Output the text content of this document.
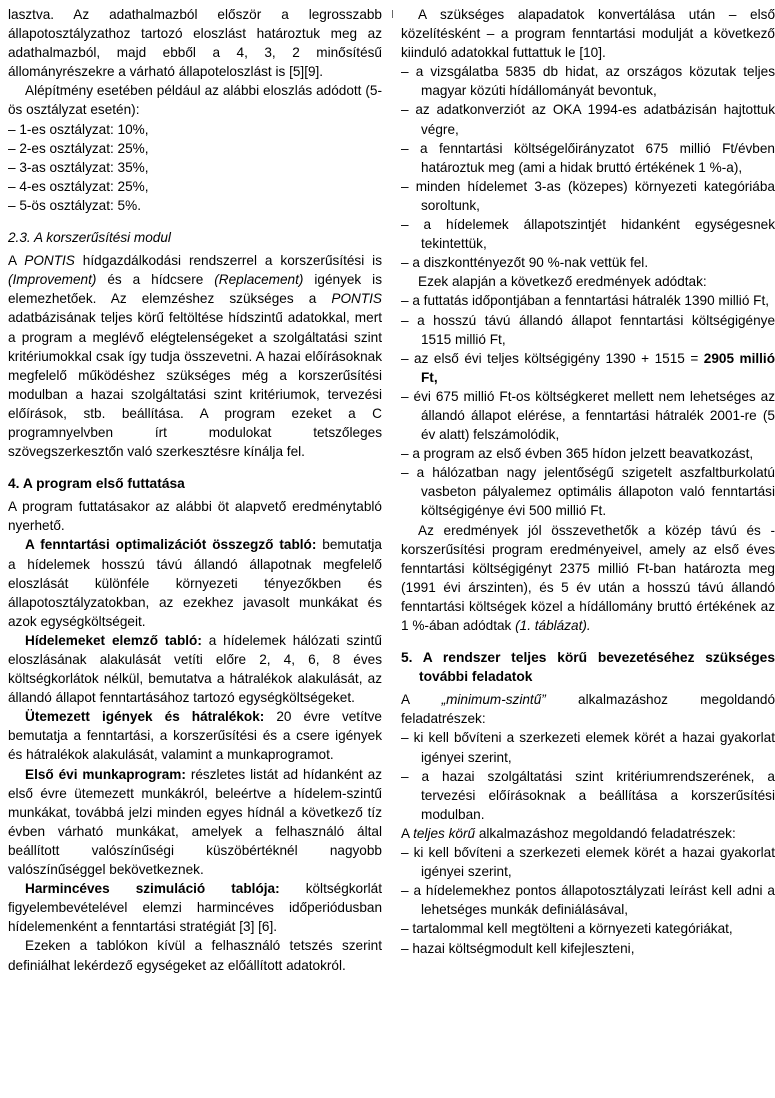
lasztva. Az adathalmazból először a legrosszabb állapotosztályzathoz tartozó eloszlást határoztuk meg az adathalmazból, majd ebből a 4, 3, 2 minősítésű állományrészekre a várható állapoteloszlást is [5][9].

Alépítmény esetében például az alábbi eloszlás adódott (5-ös osztályzat esetén):

– 1-es osztályzat: 10%,

– 2-es osztályzat: 25%,

– 3-as osztályzat: 35%,

– 4-es osztályzat: 25%,

– 5-ös osztályzat: 5%.

2.3. A korszerűsítési modul

A PONTIS hídgazdálkodási rendszerrel a korszerűsítési is (Improvement) és a hídcsere (Replacement) igények is elemezhetőek. Az elemzéshez szükséges a PONTIS adatbázisának teljes körű feltöltése hídszintű adatokkal, mert a program a meglévő elégtelenségeket a szolgáltatási szint kritériumokkal csak így tudja összevetni. A hazai előírásoknak megfelelő működéshez szükséges még a korszerűsítési modulban a hazai szolgáltatási szint kritériumok, tervezési előírások, stb. beállítása. A program ezeket a C programnyelvben írt modulokat tetszőleges szövegszerkesztőn való szerkesztésre kínálja fel.

4. A program első futtatása

A program futtatásakor az alábbi öt alapvető eredménytabló nyerhető.

A fenntartási optimalizációt összegző tabló: bemutatja a hídelemek hosszú távú állandó állapotnak megfelelő eloszlását különféle környezeti tényezőkben és állapotosztályzatokban, az ezekhez javasolt munkákat és azok egységköltségeit.

Hídelemeket elemző tabló: a hídelemek hálózati szintű eloszlásának alakulását vetíti előre 2, 4, 6, 8 éves költségkorlátok nélkül, bemutatva a hátralékok alakulását, az állandó állapot fenntartásához tartozó egységköltségeket.

Ütemezett igények és hátralékok: 20 évre vetítve bemutatja a fenntartási, a korszerűsítési és a csere igények és hátralékok alakulását, valamint a munkaprogramot.

Első évi munkaprogram: részletes listát ad hídanként az első évre ütemezett munkákról, beleértve a hídelem-szintű munkákat, továbbá jelzi minden egyes hídnál a következő tíz évben várható munkákat, amelyek a felhasználó által beállított valószínűségi küszöbértéknél nagyobb valószínűséggel bekövetkeznek.

Harmincéves szimuláció tablója: költségkorlát figyelembevételével elemzi harmincéves időperiódusban hídelemenként a fenntartási stratégiát [3] [6].

Ezeken a tablókon kívül a felhasználó tetszés szerint definiálhat lekérdező egységeket az előállított adatokról.

A szükséges alapadatok konvertálása után – első közelítésként – a program fenntartási modulját a következő kiinduló adatokkal futtattuk le [10].

– a vizsgálatba 5835 db hidat, az országos közutak teljes magyar közúti hídállományát bevontuk,

– az adatkonverziót az OKA 1994-es adatbázisán hajtottuk végre,

– a fenntartási költségelőirányzatot 675 millió Ft/évben határoztuk meg (ami a hidak bruttó értékének 1 %-a),

– minden hídelemet 3-as (közepes) környezeti kategóriába soroltunk,

– a hídelemek állapotszintjét hidanként egységesnek tekintettük,

– a diszkonttényezőt 90 %-nak vettük fel.

Ezek alapján a következő eredmények adódtak:

– a futtatás időpontjában a fenntartási hátralék 1390 millió Ft,

– a hosszú távú állandó állapot fenntartási költségigénye 1515 millió Ft,

– az első évi teljes költségigény 1390 + 1515 = 2905 millió Ft,

– évi 675 millió Ft-os költségkeret mellett nem lehetséges az állandó állapot elérése, a fenntartási hátralék 2001-re (5 év alatt) felszámolódik,

– a program az első évben 365 hídon jelzett beavatkozást,

– a hálózatban nagy jelentőségű szigetelt aszfaltburkolatú vasbeton pályalemez optimális állapoton való fenntartási költségigénye évi 500 millió Ft.

Az eredmények jól összevethetők a közép távú és -korszerűsítési program eredményeivel, amely az első éves fenntartási költségigényt 2375 millió Ft-ban határozta meg (1991 évi árszinten), és 5 év után a hosszú távú állandó fenntartási költségek közel a hídállomány bruttó értékének az 1 %-ában adódtak (1. táblázat).

5. A rendszer teljes körű bevezetéséhez szükséges további feladatok

A „minimum-szintű” alkalmazáshoz megoldandó feladatrészek:

– ki kell bővíteni a szerkezeti elemek körét a hazai gyakorlat igényei szerint,

– a hazai szolgáltatási szint kritériumrendszerének, a tervezési előírásoknak a beállítása a korszerűsítési modulban.

A teljes körű alkalmazáshoz megoldandó feladatrészek:

– ki kell bővíteni a szerkezeti elemek körét a hazai gyakorlat igényei szerint,

– a hídelemekhez pontos állapotosztályzati leírást kell adni a lehetséges munkák definiálásával,

– tartalommal kell megtölteni a környezeti kategóriákat,

– hazai költségmodult kell kifejleszteni,
